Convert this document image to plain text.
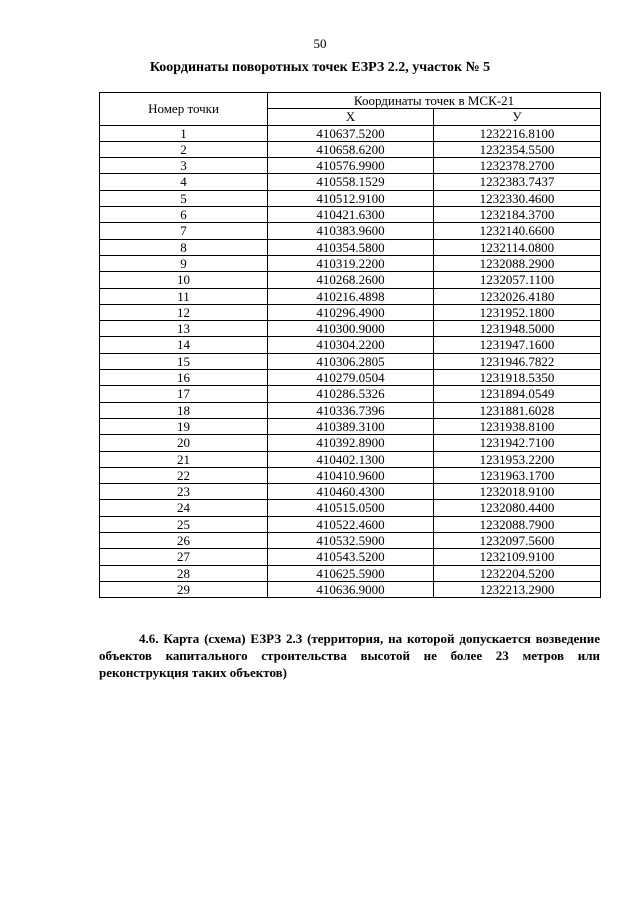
50
Координаты поворотных точек ЕЗРЗ 2.2, участок № 5
Номер точки	Координаты точек в МСК-21	
	Х	У
1	410637.5200	1232216.8100
2	410658.6200	1232354.5500
3	410576.9900	1232378.2700
4	410558.1529	1232383.7437
5	410512.9100	1232330.4600
6	410421.6300	1232184.3700
7	410383.9600	1232140.6600
8	410354.5800	1232114.0800
9	410319.2200	1232088.2900
10	410268.2600	1232057.1100
11	410216.4898	1232026.4180
12	410296.4900	1231952.1800
13	410300.9000	1231948.5000
14	410304.2200	1231947.1600
15	410306.2805	1231946.7822
16	410279.0504	1231918.5350
17	410286.5326	1231894.0549
18	410336.7396	1231881.6028
19	410389.3100	1231938.8100
20	410392.8900	1231942.7100
21	410402.1300	1231953.2200
22	410410.9600	1231963.1700
23	410460.4300	1232018.9100
24	410515.0500	1232080.4400
25	410522.4600	1232088.7900
26	410532.5900	1232097.5600
27	410543.5200	1232109.9100
28	410625.5900	1232204.5200
29	410636.9000	1232213.2900
4.6. Карта (схема) ЕЗРЗ 2.3 (территория, на которой допускается возведение объектов капитального строительства высотой не более 23 метров или реконструкция таких объектов)
